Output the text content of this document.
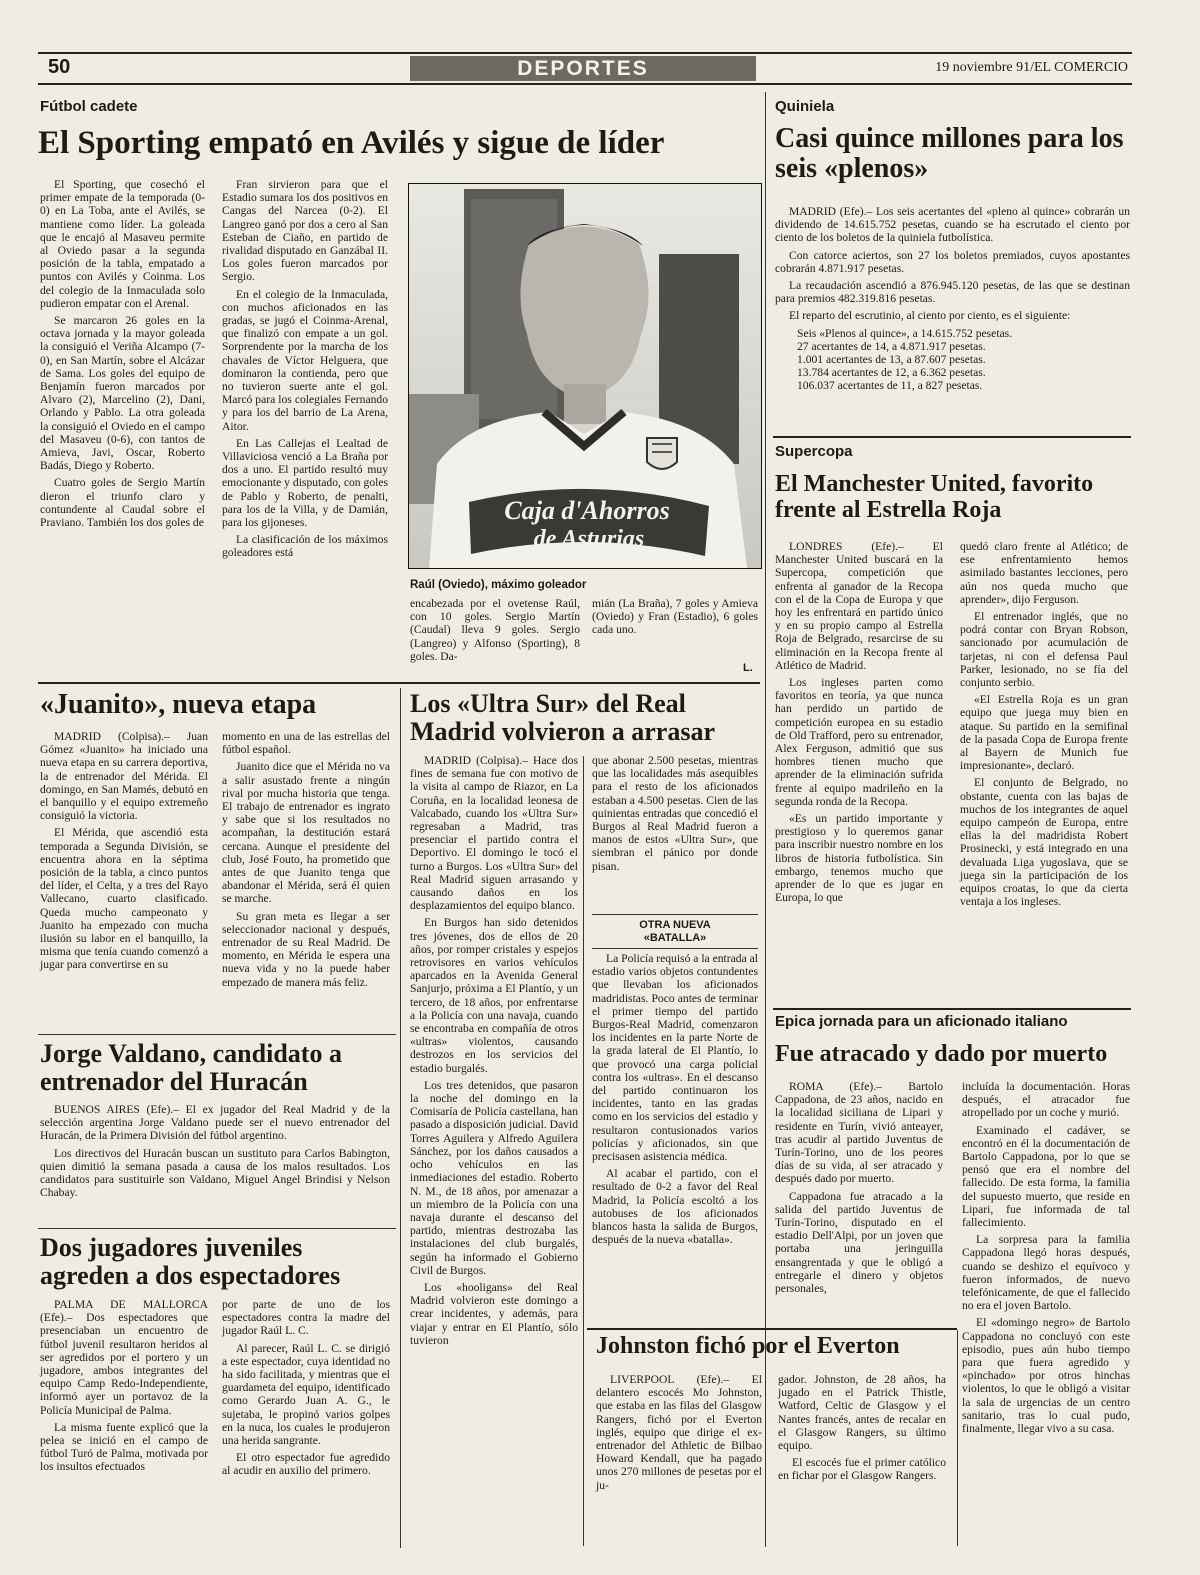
50	DEPORTES	19 noviembre 91/EL COMERCIO
Fútbol cadete
El Sporting empató en Avilés y sigue de líder

El Sporting, que cosechó el primer empate de la temporada (0-0) en La Toba, ante el Avilés, se mantiene como líder. La goleada que le encajó al Masaveu permite al Oviedo pasar a la segunda posición de la tabla, empatado a puntos con Avilés y Coinma. Los del colegio de la Inmaculada solo pudieron empatar con el Arenal.

Se marcaron 26 goles en la octava jornada y la mayor goleada la consiguió el Veriña Alcampo (7-0), en San Martín, sobre el Alcázar de Sama. Los goles del equipo de Benjamín fueron marcados por Alvaro (2), Marcelino (2), Dani, Orlando y Pablo. La otra goleada la consiguió el Oviedo en el campo del Masaveu (0-6), con tantos de Amieva, Javi, Oscar, Roberto Badás, Diego y Roberto.

Cuatro goles de Sergio Martín dieron el triunfo claro y contundente al Caudal sobre el Praviano. También los dos goles de

Fran sirvieron para que el Estadio sumara los dos positivos en Cangas del Narcea (0-2). El Langreo ganó por dos a cero al San Esteban de Ciaño, en partido de rivalidad disputado en Ganzábal II. Los goles fueron marcados por Sergio.

En el colegio de la Inmaculada, con muchos aficionados en las gradas, se jugó el Coinma-Arenal, que finalizó con empate a un gol. Sorprendente por la marcha de los chavales de Víctor Helguera, que dominaron la contienda, pero que no tuvieron suerte ante el gol. Marcó para los colegiales Fernando y para los del barrio de La Arena, Aitor.

En Las Callejas el Lealtad de Villaviciosa venció a La Braña por dos a uno. El partido resultó muy emocionante y disputado, con goles de Pablo y Roberto, de penalti, para los de la Villa, y de Damián, para los gijoneses.

La clasificación de los máximos goleadores está

Caja d'Ahorros
de Asturias
Raúl (Oviedo), máximo goleador

encabezada por el ovetense Raúl, con 10 goles. Sergio Martín (Caudal) lleva 9 goles. Sergio (Langreo) y Alfonso (Sporting), 8 goles. Da-

mián (La Braña), 7 goles y Amieva (Oviedo) y Fran (Estadio), 6 goles cada uno.

L.
«Juanito», nueva etapa

MADRID (Colpisa).– Juan Gómez «Juanito» ha iniciado una nueva etapa en su carrera deportiva, la de entrenador del Mérida. El domingo, en San Mamés, debutó en el banquillo y el equipo extremeño consiguió la victoria.

El Mérida, que ascendió esta temporada a Segunda División, se encuentra ahora en la séptima posición de la tabla, a cinco puntos del líder, el Celta, y a tres del Rayo Vallecano, cuarto clasificado. Queda mucho campeonato y Juanito ha empezado con mucha ilusión su labor en el banquillo, la misma que tenía cuando comenzó a jugar para convertirse en su

momento en una de las estrellas del fútbol español.

Juanito dice que el Mérida no va a salir asustado frente a ningún rival por mucha historia que tenga. El trabajo de entrenador es ingrato y sabe que si los resultados no acompañan, la destitución estará cercana. Aunque el presidente del club, José Fouto, ha prometido que antes de que Juanito tenga que abandonar el Mérida, será él quien se marche.

Su gran meta es llegar a ser seleccionador nacional y después, entrenador de su Real Madrid. De momento, en Mérida le espera una nueva vida y no la puede haber empezado de manera más feliz.

Jorge Valdano, candidato a entrenador del Huracán

BUENOS AIRES (Efe).– El ex jugador del Real Madrid y de la selección argentina Jorge Valdano puede ser el nuevo entrenador del Huracán, de la Primera División del fútbol argentino.

Los directivos del Huracán buscan un sustituto para Carlos Babington, quien dimitió la semana pasada a causa de los malos resultados. Los candidatos para sustituirle son Valdano, Miguel Angel Brindisi y Nelson Chabay.

Dos jugadores juveniles agreden a dos espectadores

PALMA DE MALLORCA (Efe).– Dos espectadores que presenciaban un encuentro de fútbol juvenil resultaron heridos al ser agredidos por el portero y un jugadore, ambos integrantes del equipo Camp Redo-Independiente, informó ayer un portavoz de la Policía Municipal de Palma.

La misma fuente explicó que la pelea se inició en el campo de fútbol Turó de Palma, motivada por los insultos efectuados

por parte de uno de los espectadores contra la madre del jugador Raúl L. C.

Al parecer, Raúl L. C. se dirigió a este espectador, cuya identidad no ha sido facilitada, y mientras que el guardameta del equipo, identificado como Gerardo Juan A. G., le sujetaba, le propinó varios golpes en la nuca, los cuales le produjeron una herida sangrante.

El otro espectador fue agredido al acudir en auxilio del primero.

Los «Ultra Sur» del Real Madrid volvieron a arrasar

MADRID (Colpisa).– Hace dos fines de semana fue con motivo de la visita al campo de Riazor, en La Coruña, en la localidad leonesa de Valcabado, cuando los «Ultra Sur» regresaban a Madrid, tras presenciar el partido contra el Deportivo. El domingo le tocó el turno a Burgos. Los «Ultra Sur» del Real Madrid siguen arrasando y causando daños en los desplazamientos del equipo blanco.

En Burgos han sido detenidos tres jóvenes, dos de ellos de 20 años, por romper cristales y espejos retrovisores en varios vehículos aparcados en la Avenida General Sanjurjo, próxima a El Plantío, y un tercero, de 18 años, por enfrentarse a la Policía con una navaja, cuando se encontraba en compañía de otros «ultras» violentos, causando destrozos en los servicios del estadio burgalés.

Los tres detenidos, que pasaron la noche del domingo en la Comisaría de Policía castellana, han pasado a disposición judicial. David Torres Aguilera y Alfredo Aguilera Sánchez, por los daños causados a ocho vehículos en las inmediaciones del estadio. Roberto N. M., de 18 años, por amenazar a un miembro de la Policía con una navaja durante el descanso del partido, mientras destrozaba las instalaciones del club burgalés, según ha informado el Gobierno Civil de Burgos.

Los «hooligans» del Real Madrid volvieron este domingo a crear incidentes, y además, para viajar y entrar en El Plantío, sólo tuvieron

que abonar 2.500 pesetas, mientras que las localidades más asequibles para el resto de los aficionados estaban a 4.500 pesetas. Cien de las quinientas entradas que concedió el Burgos al Real Madrid fueron a manos de estos «Ultra Sur», que siembran el pánico por donde pisan.

OTRA NUEVA
«BATALLA»

La Policía requisó a la entrada al estadio varios objetos contundentes que llevaban los aficionados madridistas. Poco antes de terminar el primer tiempo del partido Burgos-Real Madrid, comenzaron los incidentes en la parte Norte de la grada lateral de El Plantío, lo que provocó una carga policial contra los «ultras». En el descanso del partido continuaron los incidentes, tanto en las gradas como en los servicios del estadio y resultaron contusionados varios policías y aficionados, sin que precisasen asistencia médica.

Al acabar el partido, con el resultado de 0-2 a favor del Real Madrid, la Policía escoltó a los autobuses de los aficionados blancos hasta la salida de Burgos, después de la nueva «batalla».

Johnston fichó por el Everton

LIVERPOOL (Efe).– El delantero escocés Mo Johnston, que estaba en las filas del Glasgow Rangers, fichó por el Everton inglés, equipo que dirige el ex-entrenador del Athletic de Bilbao Howard Kendall, que ha pagado unos 270 millones de pesetas por el ju-

gador. Johnston, de 28 años, ha jugado en el Patrick Thistle, Watford, Celtic de Glasgow y el Nantes francés, antes de recalar en el Glasgow Rangers, su último equipo.

El escocés fue el primer católico en fichar por el Glasgow Rangers.

Quiniela
Casi quince millones para los seis «plenos»

MADRID (Efe).– Los seis acertantes del «pleno al quince» cobrarán un dividendo de 14.615.752 pesetas, cuando se ha escrutado el ciento por ciento de los boletos de la quiniela futbolística.

Con catorce aciertos, son 27 los boletos premiados, cuyos apostantes cobrarán 4.871.917 pesetas.

La recaudación ascendió a 876.945.120 pesetas, de las que se destinan para premios 482.319.816 pesetas.

El reparto del escrutinio, al ciento por ciento, es el siguiente:

Seis «Plenos al quince», a 14.615.752 pesetas.

27 acertantes de 14, a 4.871.917 pesetas.

1.001 acertantes de 13, a 87.607 pesetas.

13.784 acertantes de 12, a 6.362 pesetas.

106.037 acertantes de 11, a 827 pesetas.

Supercopa
El Manchester United, favorito frente al Estrella Roja

LONDRES (Efe).– El Manchester United buscará en la Supercopa, competición que enfrenta al ganador de la Recopa con el de la Copa de Europa y que hoy les enfrentará en partido único y en su propio campo al Estrella Roja de Belgrado, resarcirse de su eliminación en la Recopa frente al Atlético de Madrid.

Los ingleses parten como favoritos en teoría, ya que nunca han perdido un partido de competición europea en su estadio de Old Trafford, pero su entrenador, Alex Ferguson, admitió que sus hombres tienen mucho que aprender de la eliminación sufrida frente al equipo madrileño en la segunda ronda de la Recopa.

«Es un partido importante y prestigioso y lo queremos ganar para inscribir nuestro nombre en los libros de historia futbolística. Sin embargo, tenemos mucho que aprender de lo que es jugar en Europa, lo que

quedó claro frente al Atlético; de ese enfrentamiento hemos asimilado bastantes lecciones, pero aún nos queda mucho que aprender», dijo Ferguson.

El entrenador inglés, que no podrá contar con Bryan Robson, sancionado por acumulación de tarjetas, ni con el defensa Paul Parker, lesionado, no se fía del conjunto serbio.

«El Estrella Roja es un gran equipo que juega muy bien en ataque. Su partido en la semifinal de la pasada Copa de Europa frente al Bayern de Munich fue impresionante», declaró.

El conjunto de Belgrado, no obstante, cuenta con las bajas de muchos de los integrantes de aquel equipo campeón de Europa, entre ellas la del madridista Robert Prosinecki, y está integrado en una devaluada Liga yugoslava, que se juega sin la participación de los equipos croatas, lo que da cierta ventaja a los ingleses.

Epica jornada para un aficionado italiano
Fue atracado y dado por muerto

ROMA (Efe).– Bartolo Cappadona, de 23 años, nacido en la localidad siciliana de Lipari y residente en Turín, vivió anteayer, tras acudir al partido Juventus de Turín-Torino, uno de los peores días de su vida, al ser atracado y después dado por muerto.

Cappadona fue atracado a la salida del partido Juventus de Turín-Torino, disputado en el estadio Dell'Alpi, por un joven que portaba una jeringuilla ensangrentada y que le obligó a entregarle el dinero y objetos personales,

incluída la documentación. Horas después, el atracador fue atropellado por un coche y murió.

Examinado el cadáver, se encontró en él la documentación de Bartolo Cappadona, por lo que se pensó que era el nombre del fallecido. De esta forma, la familia del supuesto muerto, que reside en Lipari, fue informada de tal fallecimiento.

La sorpresa para la familia Cappadona llegó horas después, cuando se deshizo el equívoco y fueron informados, de nuevo telefónicamente, de que el fallecido no era el joven Bartolo.

El «domingo negro» de Bartolo Cappadona no concluyó con este episodio, pues aún hubo tiempo para que fuera agredido y «pinchado» por otros hinchas violentos, lo que le obligó a visitar la sala de urgencias de un centro sanitario, tras lo cual pudo, finalmente, llegar vivo a su casa.
